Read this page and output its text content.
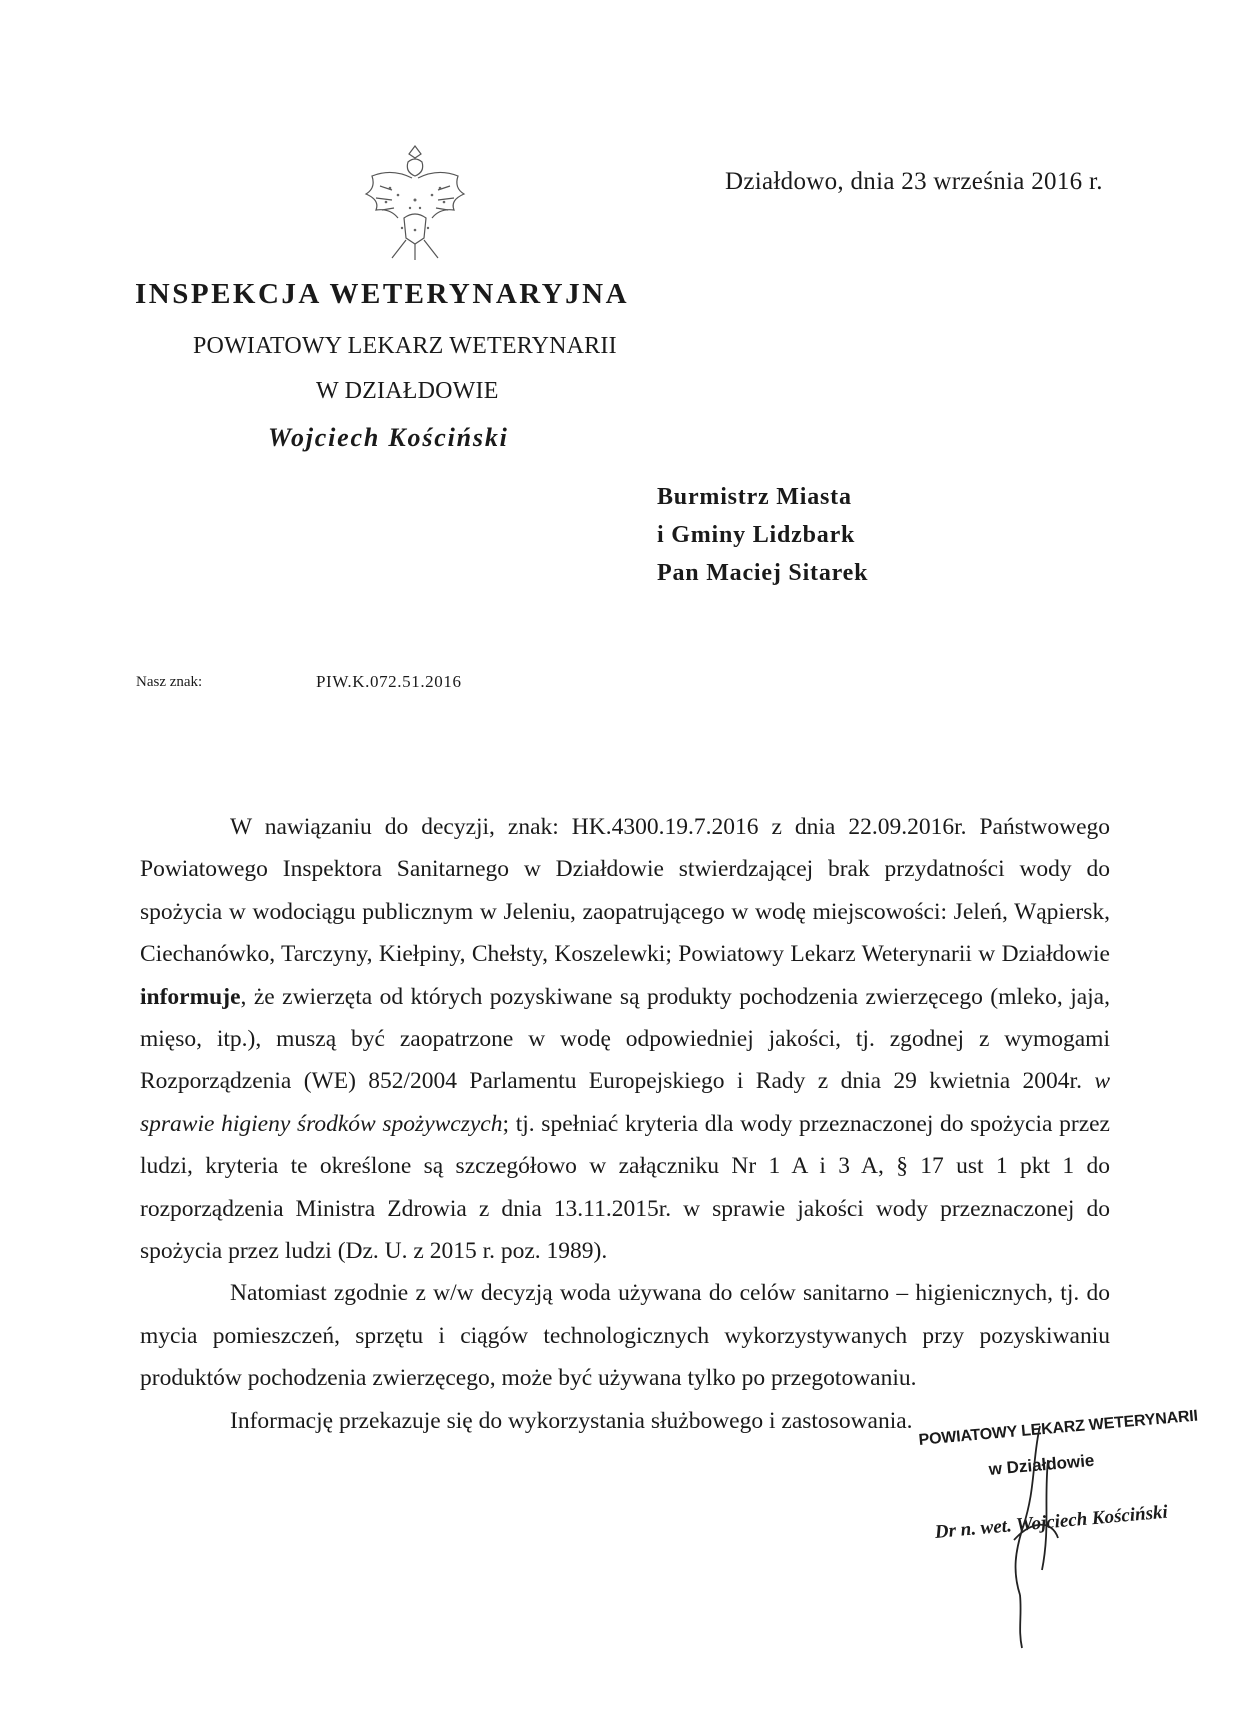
Działdowo, dnia 23 września 2016 r.
INSPEKCJA WETERYNARYJNA
POWIATOWY LEKARZ WETERYNARII
W DZIAŁDOWIE
Wojciech Kościński
Burmistrz Miasta
i Gminy Lidzbark
Pan Maciej Sitarek
Nasz znak:	PIW.K.072.51.2016

W nawiązaniu do decyzji, znak: HK.4300.19.7.2016 z dnia 22.09.2016r. Państwowego Powiatowego Inspektora Sanitarnego w Działdowie stwierdzającej brak przydatności wody do spożycia w wodociągu publicznym w Jeleniu, zaopatrującego w wodę miejscowości: Jeleń, Wąpiersk, Ciechanówko, Tarczyny, Kiełpiny, Chełsty, Koszelewki; Powiatowy Lekarz Weterynarii w Działdowie informuje, że zwierzęta od których pozyskiwane są produkty pochodzenia zwierzęcego (mleko, jaja, mięso, itp.), muszą być zaopatrzone w wodę odpowiedniej jakości, tj. zgodnej z wymogami Rozporządzenia (WE) 852/2004 Parlamentu Europejskiego i Rady z dnia 29 kwietnia 2004r. w sprawie higieny środków spożywczych; tj. spełniać kryteria dla wody przeznaczonej do spożycia przez ludzi, kryteria te określone są szczegółowo w załączniku Nr 1 A i 3 A, § 17 ust 1 pkt 1 do rozporządzenia Ministra Zdrowia z dnia 13.11.2015r. w sprawie jakości wody przeznaczonej do spożycia przez ludzi (Dz. U. z 2015 r. poz. 1989).

Natomiast zgodnie z w/w decyzją woda używana do celów sanitarno – higienicznych, tj. do mycia pomieszczeń, sprzętu i ciągów technologicznych wykorzystywanych przy pozyskiwaniu produktów pochodzenia zwierzęcego, może być używana tylko po przegotowaniu.

Informację przekazuje się do wykorzystania służbowego i zastosowania. POWIATOWY LEKARZ WETERYNARII
w Działdowie
Dr n. wet. Wojciech Kościński
